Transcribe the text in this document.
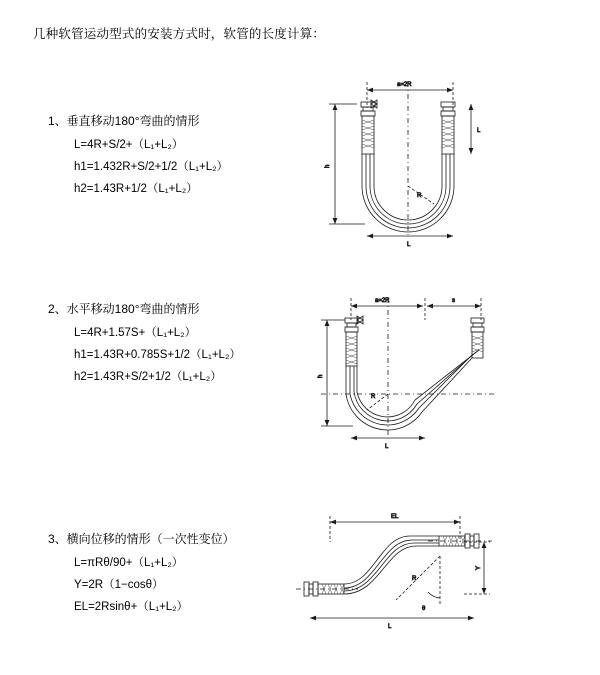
几种软管运动型式的安装方式时，软管的长度计算：
1、垂直移动180°弯曲的情形
L=4R+S/2+（L₁+L₂）
h1=1.432R+S/2+1/2（L₁+L₂）
h2=1.43R+1/2（L₁+L₂）
a=2R
h
L
R
L
2、水平移动180°弯曲的情形
L=4R+1.57S+（L₁+L₂）
h1=1.43R+0.785S+1/2（L₁+L₂）
h2=1.43R+S/2+1/2（L₁+L₂）
a=2R	s
h
R
L
3、横向位移的情形（一次性变位）
L=πRθ/90+（L₁+L₂）
Y=2R（1−cosθ）
EL=2Rsinθ+（L₁+L₂）
EL
Y
L
θ
R
